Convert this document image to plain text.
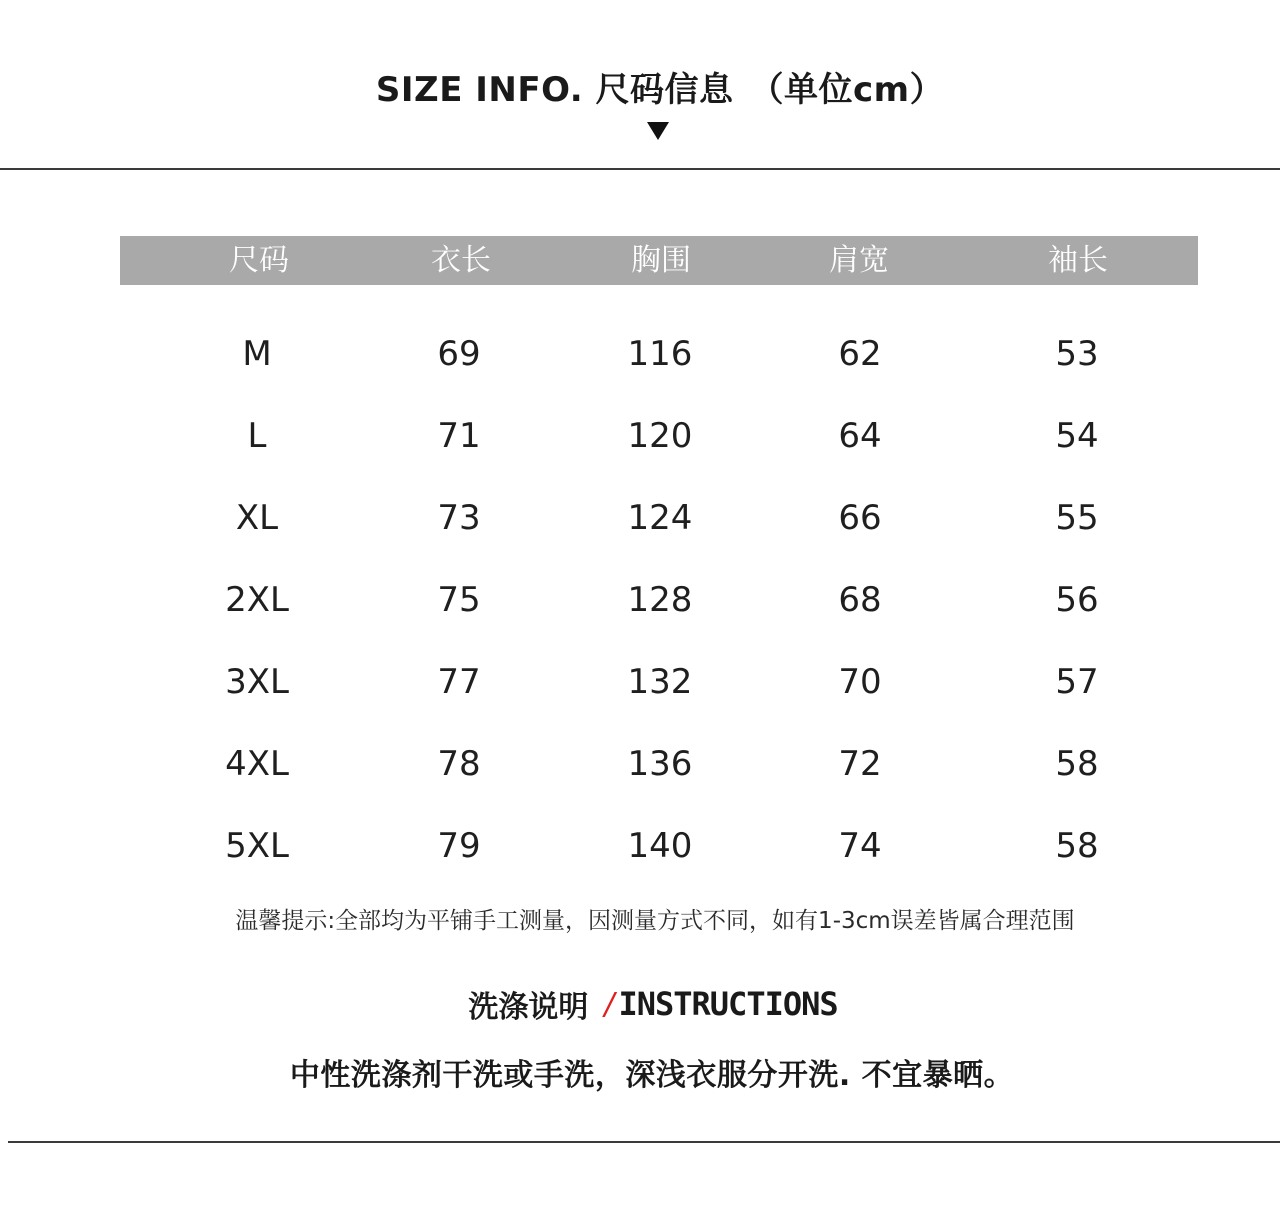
SIZE INFO. 尺码信息 （单位cm）
尺码	衣长	胸围	肩宽	袖长
M	69	116	62	53
L	71	120	64	54
XL	73	124	66	55
2XL	75	128	68	56
3XL	77	132	70	57
4XL	78	136	72	58
5XL	79	140	74	58
温馨提示:全部均为平铺手工测量，因测量方式不同，如有1-3cm误差皆属合理范围
洗涤说明 / INSTRUCTIONS
中性洗涤剂干洗或手洗，深浅衣服分开洗. 不宜暴晒。
